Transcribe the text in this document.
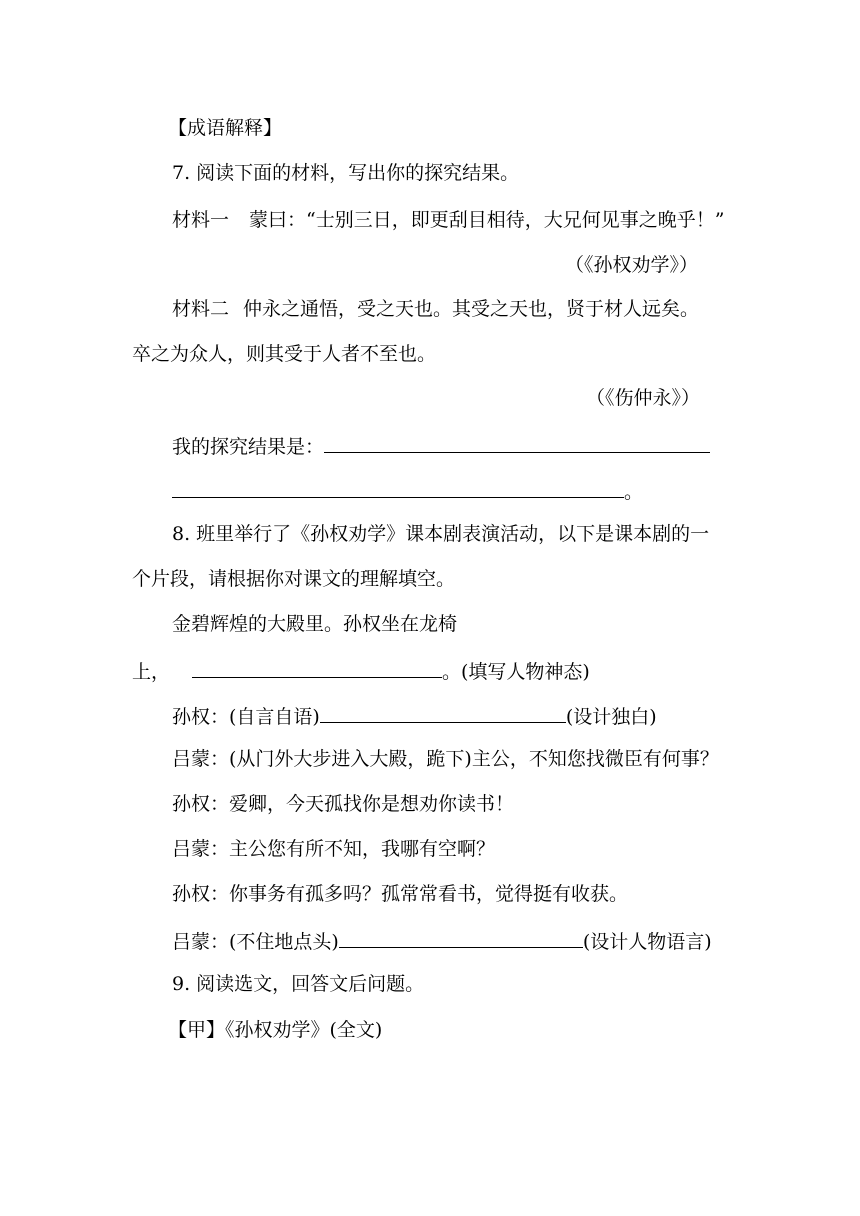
【成语解释】
7. 阅读下面的材料，写出你的探究结果。
材料一 蒙曰：“士别三日，即更刮目相待，大兄何见事之晚乎！”
（《孙权劝学》）
材料二 仲永之通悟，受之天也。其受之天也，贤于材人远矣。
卒之为众人，则其受于人者不至也。
（《伤仲永》）
我的探究结果是：
。
8. 班里举行了《孙权劝学》课本剧表演活动，以下是课本剧的一
个片段，请根据你对课文的理解填空。
金碧辉煌的大殿里。孙权坐在龙椅
上，	。(填写人物神态)
孙权：(自言自语)	(设计独白)
吕蒙：(从门外大步进入大殿，跪下)主公，不知您找微臣有何事？
孙权：爱卿，今天孤找你是想劝你读书！
吕蒙：主公您有所不知，我哪有空啊？
孙权：你事务有孤多吗？孤常常看书，觉得挺有收获。
吕蒙：(不住地点头)	(设计人物语言)
9. 阅读选文，回答文后问题。
【甲】《孙权劝学》(全文)
